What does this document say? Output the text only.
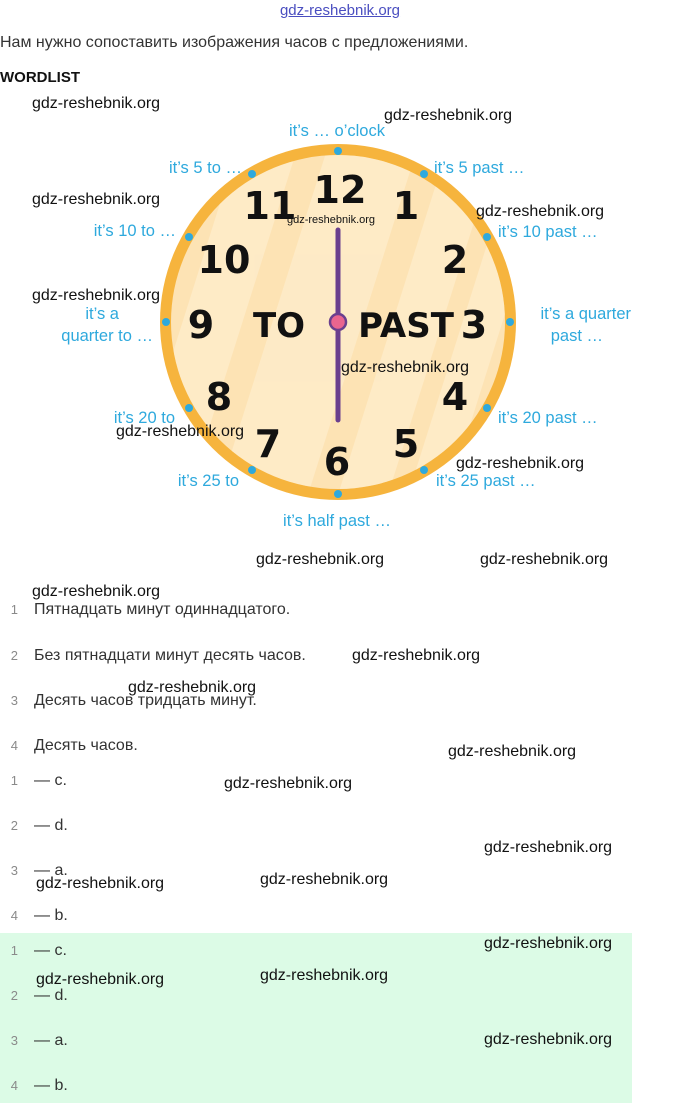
gdz-reshebnik.org
Нам нужно сопоставить изображения часов с предложениями.
WORDLIST
12 1
2
3
4
5
6
7
8
9
10
11
TO PAST
gdz-reshebnik.org
it’s … o’clock
it’s 5 past …
it’s 10 past …
it’s a quarter
past …
it’s 20 past …
it’s 25 past …
it’s half past …
it’s 25 to
it’s 20 to
it’s a
quarter to …
it’s 10 to …
it’s 5 to …
1 Пятнадцать минут одиннадцатого.
2 Без пятнадцати минут десять часов.
3 Десять часов тридцать минут.
4 Десять часов.
1 — c.
2 — d.
3 — a.
4 — b.
1 — c.
2 — d.
3 — a.
4 — b.
gdz-reshebnik.org
gdz-reshebnik.org
gdz-reshebnik.org
gdz-reshebnik.org
gdz-reshebnik.org
gdz-reshebnik.org
gdz-reshebnik.org
gdz-reshebnik.org
gdz-reshebnik.org	gdz-reshebnik.org
gdz-reshebnik.org
gdz-reshebnik.org
gdz-reshebnik.org
gdz-reshebnik.org
gdz-reshebnik.org
gdz-reshebnik.org
gdz-reshebnik.org	gdz-reshebnik.org
gdz-reshebnik.org
gdz-reshebnik.org	gdz-reshebnik.org
gdz-reshebnik.org
